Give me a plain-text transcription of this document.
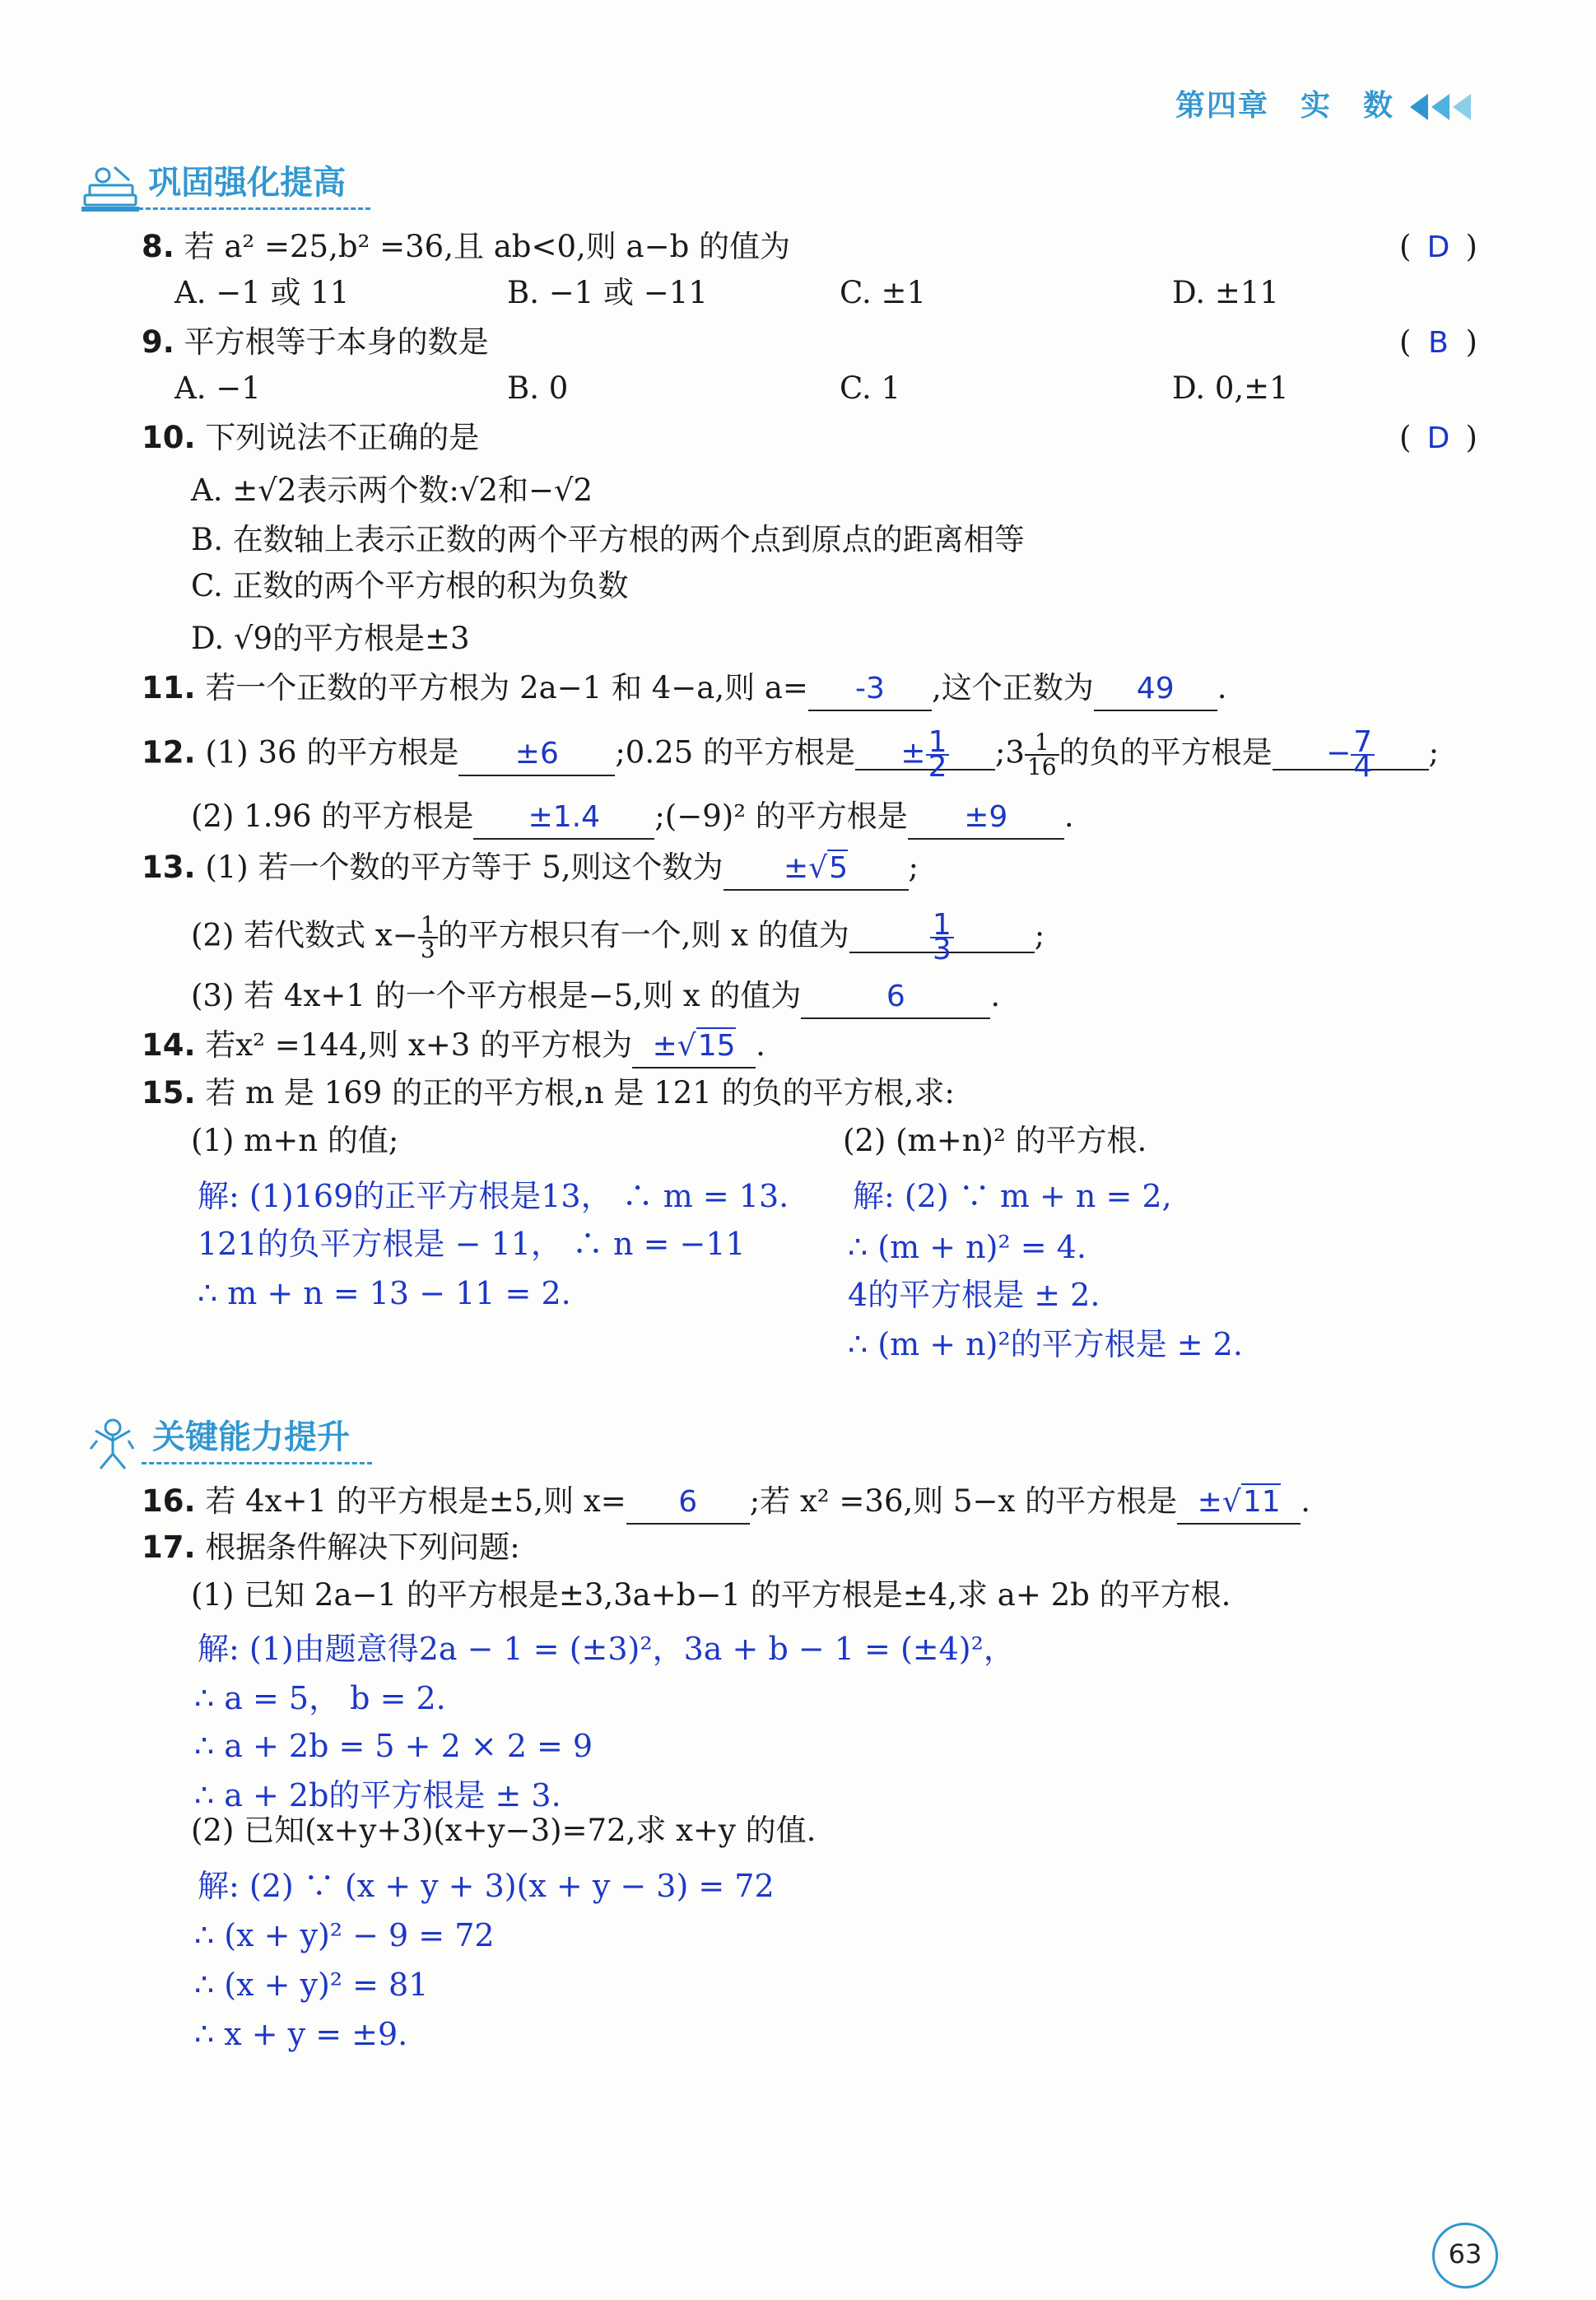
第四章　实　数
巩固强化提高
8. 若 a² =25,b² =36,且 ab<0,则 a−b 的值为	( D )
A. −1 或 11	B. −1 或 −11	C. ±1	D. ±11
9. 平方根等于本身的数是	( B )
A. −1	B. 0	C. 1	D. 0,±1
10. 下列说法不正确的是	( D )
A. ±√2表示两个数:√2和−√2
B. 在数轴上表示正数的两个平方根的两个点到原点的距离相等
C. 正数的两个平方根的积为负数
D. √9的平方根是±3
11. 若一个正数的平方根为 2a−1 和 4−a,则 a= -3 ,这个正数为 49 .
12. (1) 36 的平方根是 ±6 ;0.25 的平方根是 ± $\frac{1}{2}$ ;3 $\frac{1}{16}$ 的负的平方根是 − $\frac{7}{4}$ ;
(2) 1.96 的平方根是 ±1.4 ;(−9)² 的平方根是 ±9 .
13. (1) 若一个数的平方等于 5,则这个数为 ±√5 ;
(2) 若代数式 $x- \frac{1}{3}$ 的平方根只有一个,则 x 的值为	$\frac{1}{3}$	;
(3) 若 4x+1 的一个平方根是−5,则 x 的值为	6	.
14. 若x² =144,则 x+3 的平方根为 ±√15 .
15. 若 m 是 169 的正的平方根,n 是 121 的负的平方根,求:
(1) m+n 的值;	(2) (m+n)² 的平方根.
解: (1)169的正平方根是13， ∴ m = 13.
121的负平方根是 − 11， ∴ n = −11
∴ m + n = 13 − 11 = 2.
解: (2) ∵ m + n = 2,
∴ (m + n)² = 4.
4的平方根是 ± 2.
∴ (m + n)²的平方根是 ± 2.
关键能力提升
16. 若 4x+1 的平方根是±5,则 x= 6 ;若 x² =36,则 5−x 的平方根是 ±√11 .
17. 根据条件解决下列问题:
(1) 已知 2a−1 的平方根是±3,3a+b−1 的平方根是±4,求 a+ 2b 的平方根.
解: (1)由题意得2a − 1 = (±3)²，3a + b − 1 = (±4)²，
∴ a = 5， b = 2.
∴ a + 2b = 5 + 2 × 2 = 9
∴ a + 2b的平方根是 ± 3.
(2) 已知(x+y+3)(x+y−3)=72,求 x+y 的值.
解: (2) ∵ (x + y + 3)(x + y − 3) = 72
∴ (x + y)² − 9 = 72
∴ (x + y)² = 81
∴ x + y = ±9.
63
